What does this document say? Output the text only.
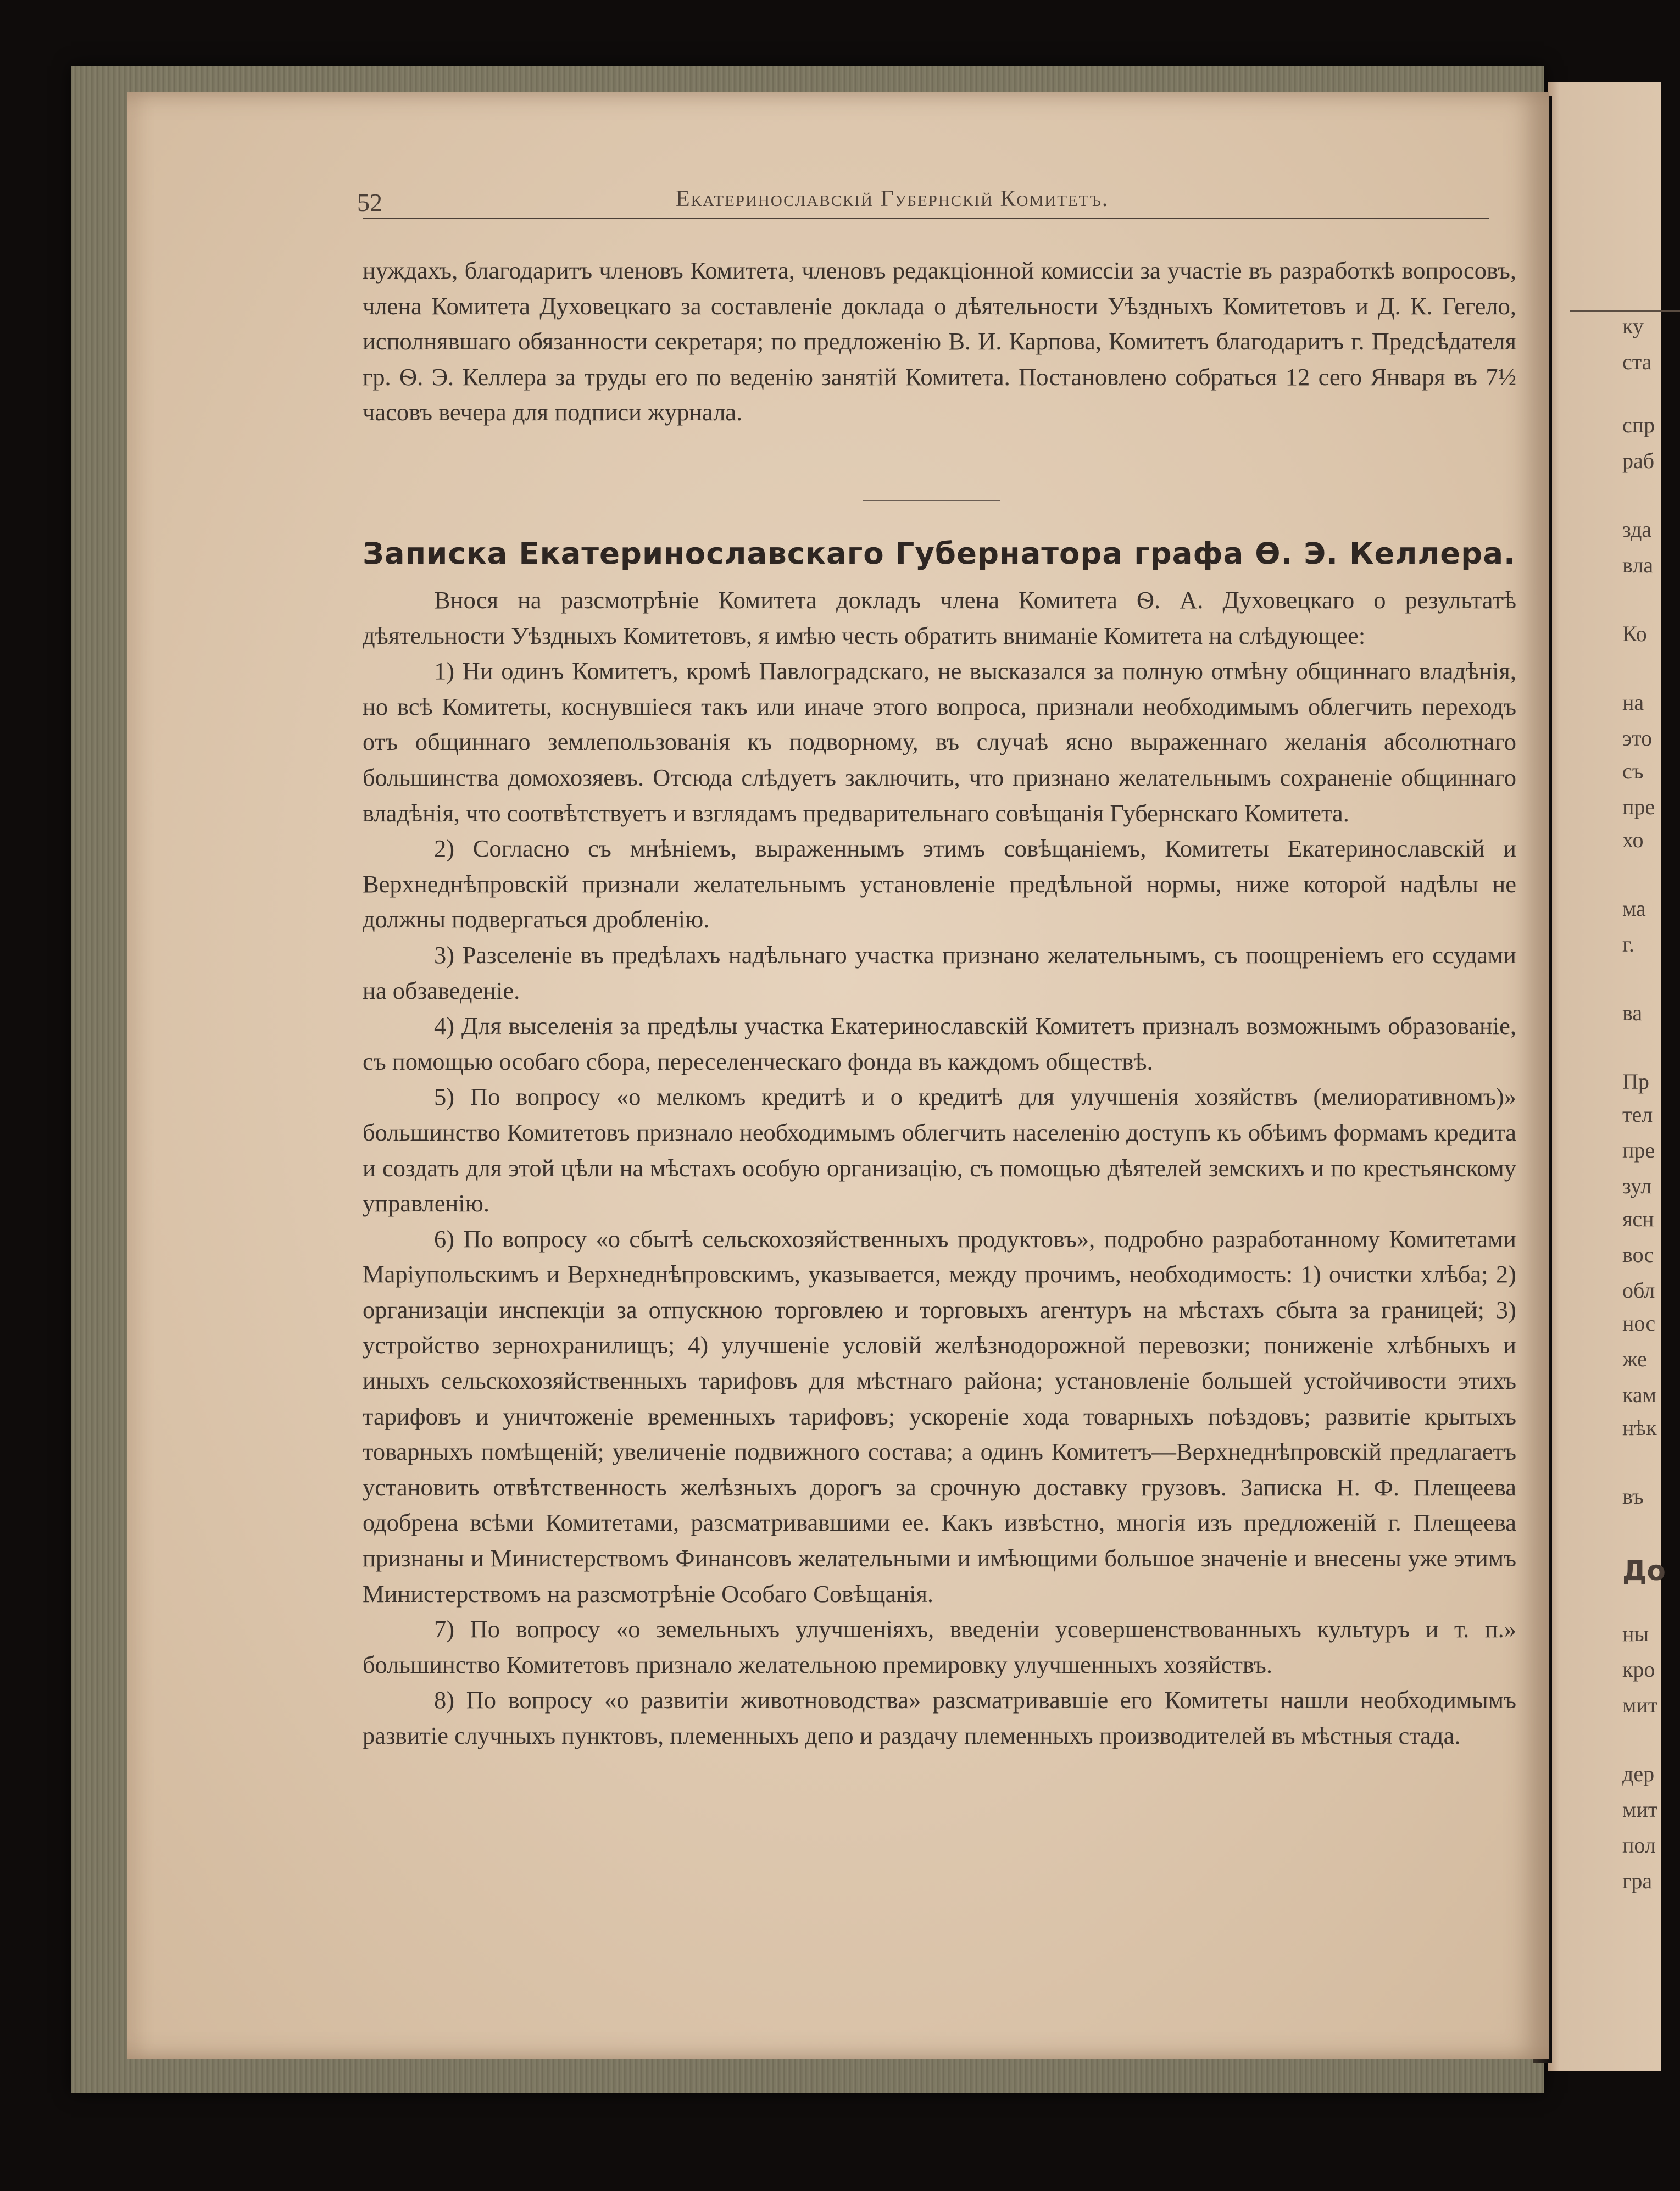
ку
ста
спр
раб
зда
вла
Ко
на
это
съ
пре
хо
ма
г.
ва
Пр
тел
пре
зул
ясн
вос
обл
нос
же
кам
нѣк
въ
До
ны
кро
мит
дер
мит
пол
гра
52	Екатеринославскій Губернскій Комитетъ.
нуждахъ, благодаритъ членовъ Комитета, членовъ редакціонной комиссіи за участіе въ разработкѣ вопросовъ, члена Комитета Духовецкаго за составленіе доклада о дѣятельности Уѣздныхъ Комитетовъ и Д. К. Гегело, исполнявшаго обязанности секретаря; по предложенію В. И. Карпова, Комитетъ благодаритъ г. Предсѣдателя гр. Ѳ. Э. Келлера за труды его по веденію занятій Комитета. Постановлено собраться 12 сего Января въ 7½ часовъ вечера для подписи журнала.
Записка Екатеринославскаго Губернатора графа Ѳ. Э. Келлера.

Внося на разсмотрѣніе Комитета докладъ члена Комитета Ѳ. А. Духовецкаго о результатѣ дѣятельности Уѣздныхъ Комитетовъ, я имѣю честь обратить вниманіе Комитета на слѣдующее:

1) Ни одинъ Комитетъ, кромѣ Павлоградскаго, не высказался за полную отмѣну общиннаго владѣнія, но всѣ Комитеты, коснувшіеся такъ или иначе этого вопроса, признали необходимымъ облегчить переходъ отъ общиннаго землепользованія къ подворному, въ случаѣ ясно выраженнаго желанія абсолютнаго большинства домохозяевъ. Отсюда слѣдуетъ заключить, что признано желательнымъ сохраненіе общиннаго владѣнія, что соотвѣтствуетъ и взглядамъ предварительнаго совѣщанія Губернскаго Комитета.

2) Согласно съ мнѣніемъ, выраженнымъ этимъ совѣщаніемъ, Комитеты Екатеринославскій и Верхнеднѣпровскій признали желательнымъ установленіе предѣльной нормы, ниже которой надѣлы не должны подвергаться дробленію.

3) Разселеніе въ предѣлахъ надѣльнаго участка признано желательнымъ, съ поощреніемъ его ссудами на обзаведеніе.

4) Для выселенія за предѣлы участка Екатеринославскій Комитетъ призналъ возможнымъ образованіе, съ помощью особаго сбора, переселенческаго фонда въ каждомъ обществѣ.

5) По вопросу «о мелкомъ кредитѣ и о кредитѣ для улучшенія хозяйствъ (мелиоративномъ)» большинство Комитетовъ признало необходимымъ облегчить населенію доступъ къ обѣимъ формамъ кредита и создать для этой цѣли на мѣстахъ особую организацію, съ помощью дѣятелей земскихъ и по крестьянскому управленію.

6) По вопросу «о сбытѣ сельскохозяйственныхъ продуктовъ», подробно разработанному Комитетами Маріупольскимъ и Верхнеднѣпровскимъ, указывается, между прочимъ, необходимость: 1) очистки хлѣба; 2) организаціи инспекціи за отпускною торговлею и торговыхъ агентуръ на мѣстахъ сбыта за границей; 3) устройство зернохранилищъ; 4) улучшеніе условій желѣзнодорожной перевозки; пониженіе хлѣбныхъ и иныхъ сельскохозяйственныхъ тарифовъ для мѣстнаго района; установленіе большей устойчивости этихъ тарифовъ и уничтоженіе временныхъ тарифовъ; ускореніе хода товарныхъ поѣздовъ; развитіе крытыхъ товарныхъ помѣщеній; увеличеніе подвижного состава; а одинъ Комитетъ—Верхнеднѣпровскій предлагаетъ установить отвѣтственность желѣзныхъ дорогъ за срочную доставку грузовъ. Записка Н. Ф. Плещеева одобрена всѣми Комитетами, разсматривавшими ее. Какъ извѣстно, многія изъ предложеній г. Плещеева признаны и Министерствомъ Финансовъ желательными и имѣющими большое значеніе и внесены уже этимъ Министерствомъ на разсмотрѣніе Особаго Совѣщанія.

7) По вопросу «о земельныхъ улучшеніяхъ, введеніи усовершенствованныхъ культуръ и т. п.» большинство Комитетовъ признало желательною премировку улучшенныхъ хозяйствъ.

8) По вопросу «о развитіи животноводства» разсматривавшіе его Комитеты нашли необходимымъ развитіе случныхъ пунктовъ, племенныхъ депо и раздачу племенныхъ производителей въ мѣстныя стада.
